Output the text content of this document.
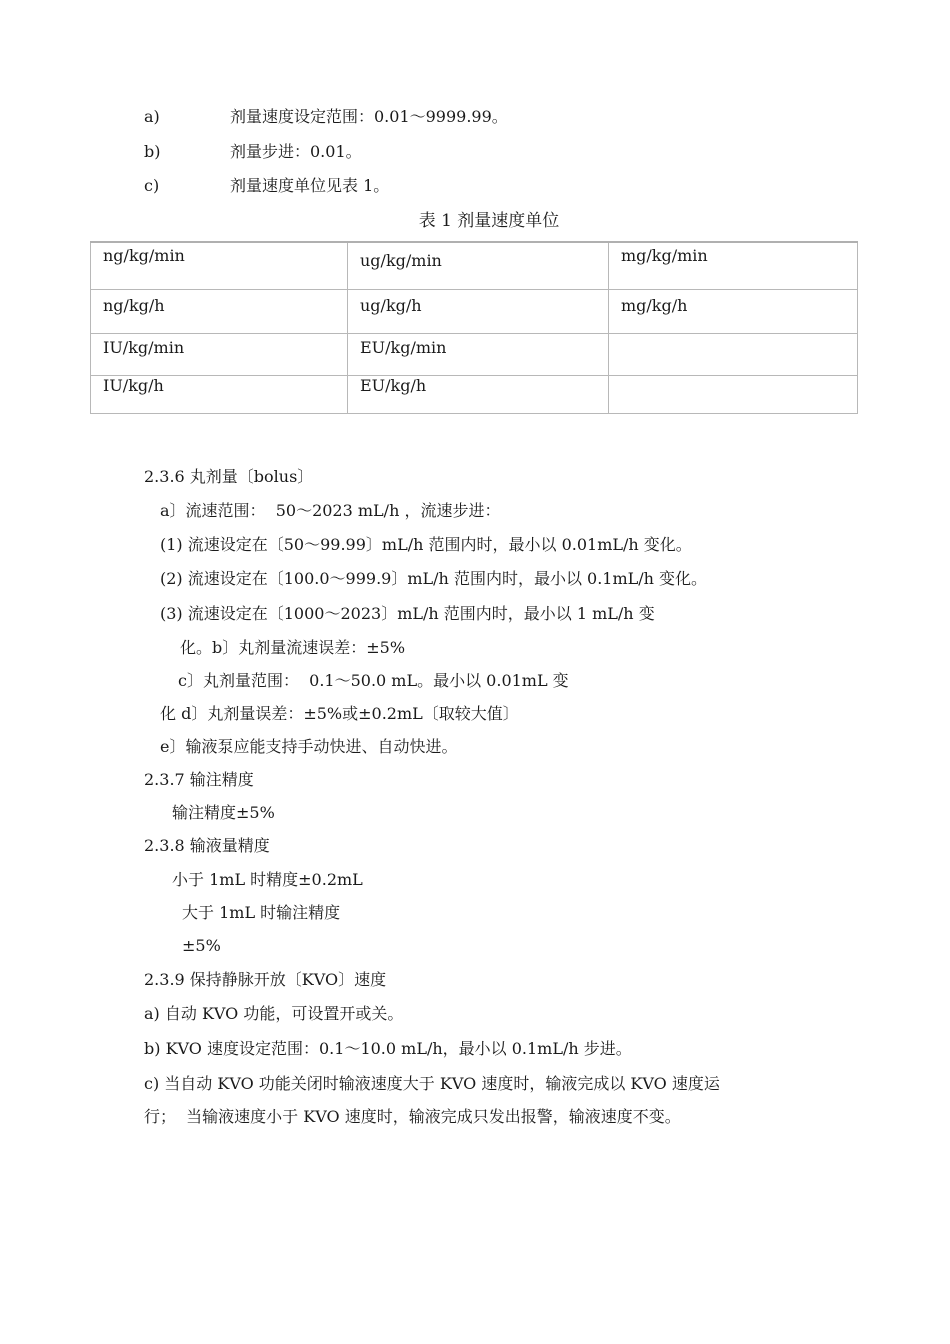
a)	剂量速度设定范围：0.01～9999.99。
b)	剂量步进：0.01。
c)	剂量速度单位见表 1。
表 1 剂量速度单位
ng/kg/min	ug/kg/min	mg/kg/min
ng/kg/h	ug/kg/h	mg/kg/h
IU/kg/min	EU/kg/min	
IU/kg/h	EU/kg/h	
2.3.6 丸剂量〔bolus〕
a〕流速范围：  50～2023 mL/h ，流速步进：
(1) 流速设定在〔50～99.99〕mL/h 范围内时，最小以 0.01mL/h 变化。
(2) 流速设定在〔100.0～999.9〕mL/h 范围内时，最小以 0.1mL/h 变化。
(3) 流速设定在〔1000～2023〕mL/h 范围内时，最小以 1 mL/h 变
化。b〕丸剂量流速误差：±5%
c〕丸剂量范围：  0.1～50.0 mL。最小以 0.01mL 变
化 d〕丸剂量误差：±5%或±0.2mL〔取较大值〕
e〕输液泵应能支持手动快进、自动快进。
2.3.7 输注精度
输注精度±5%
2.3.8 输液量精度
小于 1mL 时精度±0.2mL
大于 1mL 时输注精度
±5%
2.3.9 保持静脉开放〔KVO〕速度
a) 自动 KVO 功能，可设置开或关。
b) KVO 速度设定范围：0.1～10.0 mL/h，最小以 0.1mL/h 步进。
c) 当自动 KVO 功能关闭时输液速度大于 KVO 速度时，输液完成以 KVO 速度运
行；  当输液速度小于 KVO 速度时，输液完成只发出报警，输液速度不变。
